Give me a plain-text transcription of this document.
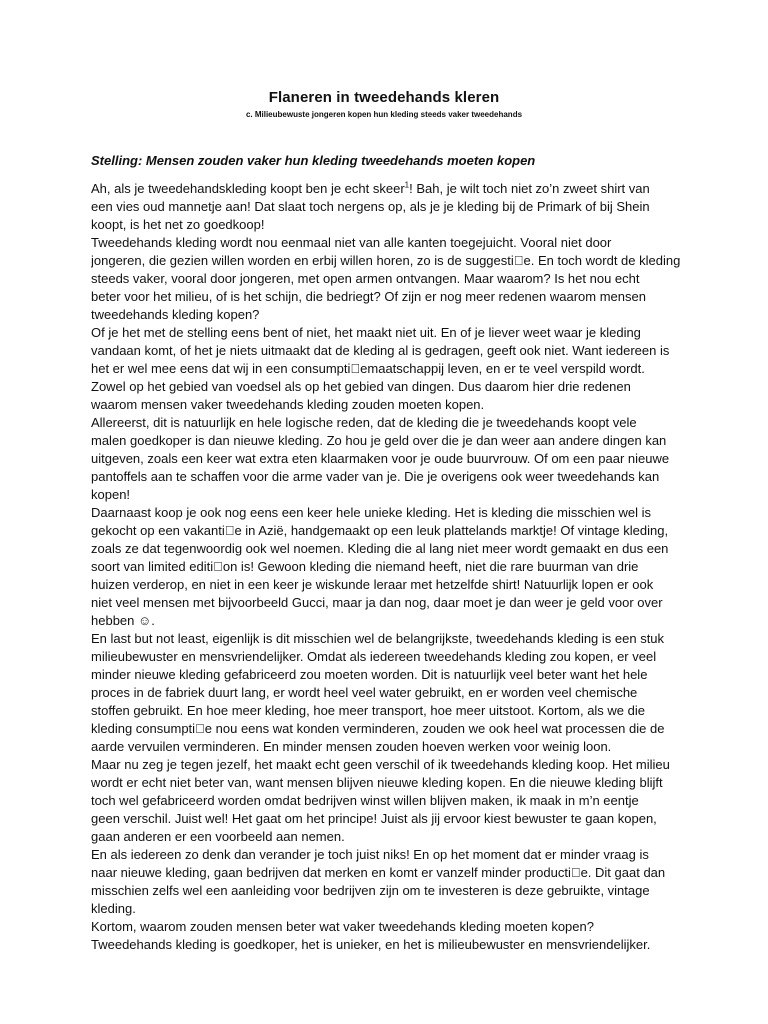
Flaneren in tweedehands kleren
c. Milieubewuste jongeren kopen hun kleding steeds vaker tweedehands
Stelling: Mensen zouden vaker hun kleding tweedehands moeten kopen
Ah, als je tweedehandskleding koopt ben je echt skeer$^1$! Bah, je wilt toch niet zo’n zweet shirt van
een vies oud mannetje aan! Dat slaat toch nergens op, als je je kleding bij de Primark of bij Shein
koopt, is het net zo goedkoop!
Tweedehands kleding wordt nou eenmaal niet van alle kanten toegejuicht. Vooral niet door
jongeren, die gezien willen worden en erbij willen horen, zo is de suggesti e. En toch wordt de kleding
steeds vaker, vooral door jongeren, met open armen ontvangen. Maar waarom? Is het nou echt
beter voor het milieu, of is het schijn, die bedriegt? Of zijn er nog meer redenen waarom mensen
tweedehands kleding kopen?
Of je het met de stelling eens bent of niet, het maakt niet uit. En of je liever weet waar je kleding
vandaan komt, of het je niets uitmaakt dat de kleding al is gedragen, geeft ook niet. Want iedereen is
het er wel mee eens dat wij in een consumpti emaatschappij leven, en er te veel verspild wordt.
Zowel op het gebied van voedsel als op het gebied van dingen. Dus daarom hier drie redenen
waarom mensen vaker tweedehands kleding zouden moeten kopen.
Allereerst, dit is natuurlijk en hele logische reden, dat de kleding die je tweedehands koopt vele
malen goedkoper is dan nieuwe kleding. Zo hou je geld over die je dan weer aan andere dingen kan
uitgeven, zoals een keer wat extra eten klaarmaken voor je oude buurvrouw. Of om een paar nieuwe
pantoffels aan te schaffen voor die arme vader van je. Die je overigens ook weer tweedehands kan
kopen!
Daarnaast koop je ook nog eens een keer hele unieke kleding. Het is kleding die misschien wel is
gekocht op een vakanti e in Azië, handgemaakt op een leuk plattelands marktje! Of vintage kleding,
zoals ze dat tegenwoordig ook wel noemen. Kleding die al lang niet meer wordt gemaakt en dus een
soort van limited editi on is! Gewoon kleding die niemand heeft, niet die rare buurman van drie
huizen verderop, en niet in een keer je wiskunde leraar met hetzelfde shirt! Natuurlijk lopen er ook
niet veel mensen met bijvoorbeeld Gucci, maar ja dan nog, daar moet je dan weer je geld voor over
hebben ☺.
En last but not least, eigenlijk is dit misschien wel de belangrijkste, tweedehands kleding is een stuk
milieubewuster en mensvriendelijker. Omdat als iedereen tweedehands kleding zou kopen, er veel
minder nieuwe kleding gefabriceerd zou moeten worden. Dit is natuurlijk veel beter want het hele
proces in de fabriek duurt lang, er wordt heel veel water gebruikt, en er worden veel chemische
stoffen gebruikt. En hoe meer kleding, hoe meer transport, hoe meer uitstoot. Kortom, als we die
kleding consumpti e nou eens wat konden verminderen, zouden we ook heel wat processen die de
aarde vervuilen verminderen. En minder mensen zouden hoeven werken voor weinig loon.
Maar nu zeg je tegen jezelf, het maakt echt geen verschil of ik tweedehands kleding koop. Het milieu
wordt er echt niet beter van, want mensen blijven nieuwe kleding kopen. En die nieuwe kleding blijft
toch wel gefabriceerd worden omdat bedrijven winst willen blijven maken, ik maak in m’n eentje
geen verschil. Juist wel! Het gaat om het principe! Juist als jij ervoor kiest bewuster te gaan kopen,
gaan anderen er een voorbeeld aan nemen.
En als iedereen zo denk dan verander je toch juist niks! En op het moment dat er minder vraag is
naar nieuwe kleding, gaan bedrijven dat merken en komt er vanzelf minder producti e. Dit gaat dan
misschien zelfs wel een aanleiding voor bedrijven zijn om te investeren is deze gebruikte, vintage
kleding.
Kortom, waarom zouden mensen beter wat vaker tweedehands kleding moeten kopen?
Tweedehands kleding is goedkoper, het is unieker, en het is milieubewuster en mensvriendelijker.
